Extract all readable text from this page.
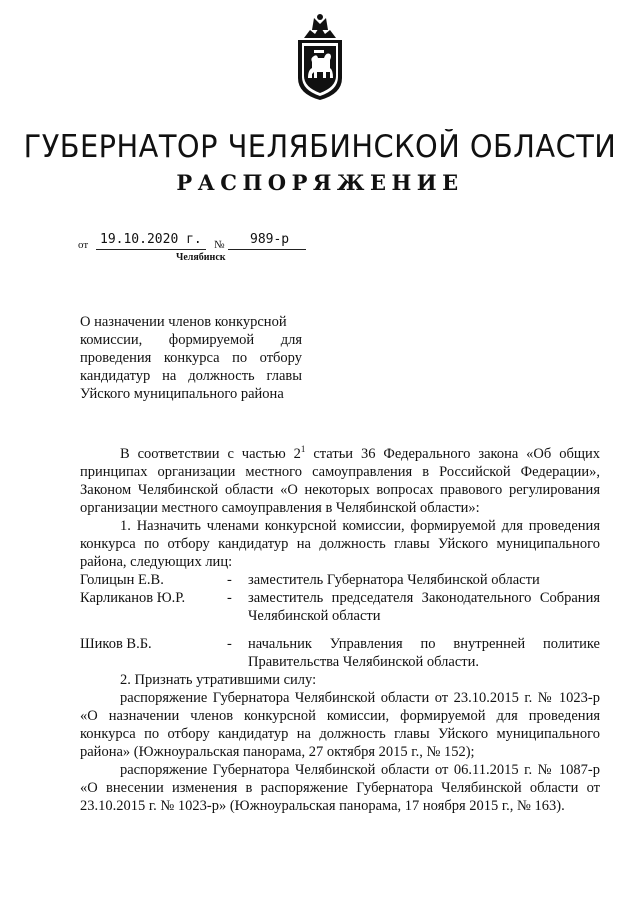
ГУБЕРНАТОР ЧЕЛЯБИНСКОЙ ОБЛАСТИ
РАСПОРЯЖЕНИЕ
от 19.10.2020 г. № 989-р
Челябинск
О назначении членов конкурсной
комиссии, формируемой для
проведения конкурса по отбору
кандидатур на должность главы
Уйского муниципального района
В соответствии с частью $2^1$ статьи 36 Федерального закона «Об общих принципах организации местного самоуправления в Российской Федерации», Законом Челябинской области «О некоторых вопросах правового регулирования организации местного самоуправления в Челябинской области»:
1. Назначить членами конкурсной комиссии, формируемой для проведения конкурса по отбору кандидатур на должность главы Уйского муниципального района, следующих лиц:
Голицын Е.В.	-	заместитель Губернатора Челябинской области
Карликанов Ю.Р.	-	заместитель председателя Законодательного Собрания Челябинской области
Шиков В.Б.	-	начальник Управления по внутренней политике Правительства Челябинской области.
2. Признать утратившими силу:
распоряжение Губернатора Челябинской области от 23.10.2015 г. № 1023-р «О назначении членов конкурсной комиссии, формируемой для проведения конкурса по отбору кандидатур на должность главы Уйского муниципального района» (Южноуральская панорама, 27 октября 2015 г., № 152);
распоряжение Губернатора Челябинской области от 06.11.2015 г. № 1087-р «О внесении изменения в распоряжение Губернатора Челябинской области от 23.10.2015 г. № 1023-р» (Южноуральская панорама, 17 ноября 2015 г., № 163).
